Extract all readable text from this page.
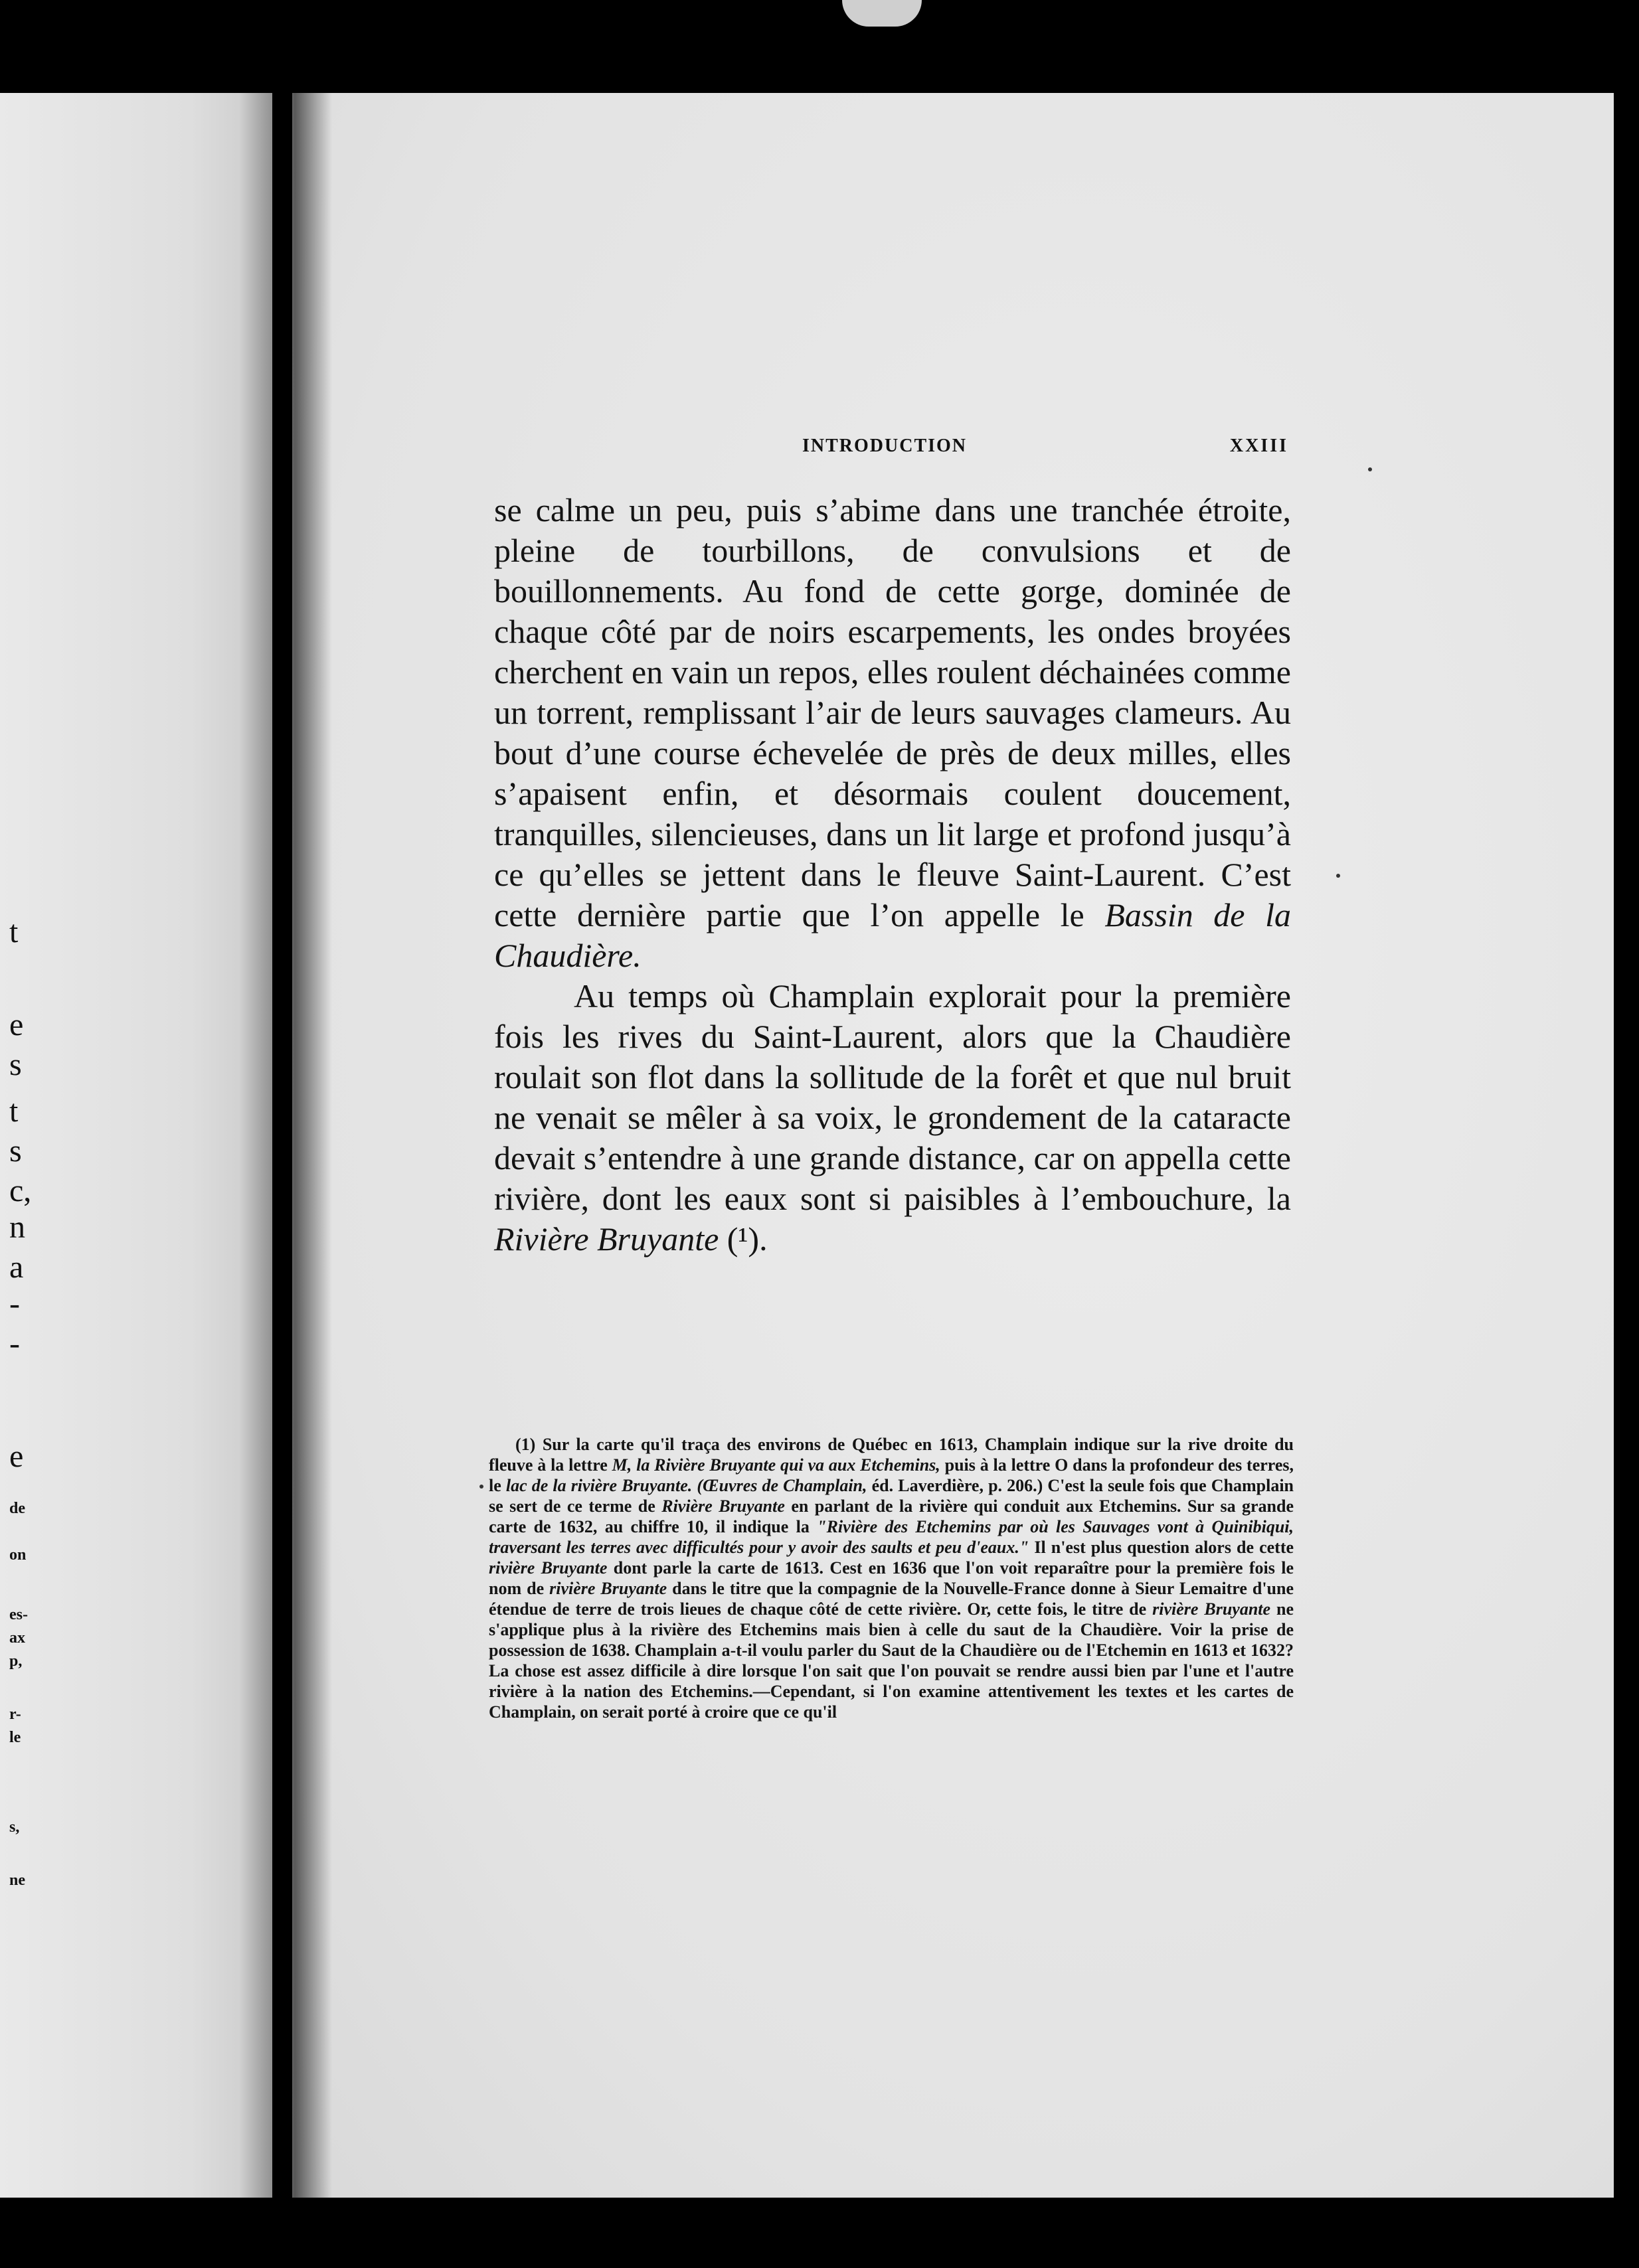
t
e
s
t
s
c,
n
a
-
-
e
de
on
es-
ax
p,
r-
le
s,
ne
INTRODUCTION	XXIII

se calme un peu, puis s’abime dans une tranchée étroite, pleine de tourbillons, de convulsions et de bouillonnements. Au fond de cette gorge, dominée de chaque côté par de noirs escarpements, les ondes broyées cherchent en vain un repos, elles roulent déchainées comme un torrent, remplissant l’air de leurs sauvages clameurs. Au bout d’une course échevelée de près de deux milles, elles s’apaisent enfin, et désormais coulent doucement, tranquilles, silencieuses, dans un lit large et profond jusqu’à ce qu’elles se jettent dans le fleuve Saint-Laurent. C’est cette dernière partie que l’on appelle le Bassin de la Chaudière.

Au temps où Champlain explorait pour la première fois les rives du Saint-Laurent, alors que la Chaudière roulait son flot dans la sollitude de la forêt et que nul bruit ne venait se mêler à sa voix, le grondement de la cataracte devait s’entendre à une grande distance, car on appella cette rivière, dont les eaux sont si paisibles à l’embouchure, la Rivière Bruyante (¹).

(1) Sur la carte qu'il traça des environs de Québec en 1613, Champlain indique sur la rive droite du fleuve à la lettre M, la Rivière Bruyante qui va aux Etchemins, puis à la lettre O dans la profondeur des terres, le lac de la rivière Bruyante. (Œuvres de Champlain, éd. Laverdière, p. 206.) C'est la seule fois que Champlain se sert de ce terme de Rivière Bruyante en parlant de la rivière qui conduit aux Etchemins. Sur sa grande carte de 1632, au chiffre 10, il indique la "Rivière des Etchemins par où les Sauvages vont à Quinibiqui, traversant les terres avec difficultés pour y avoir des saults et peu d'eaux." Il n'est plus question alors de cette rivière Bruyante dont parle la carte de 1613. Cest en 1636 que l'on voit reparaître pour la première fois le nom de rivière Bruyante dans le titre que la compagnie de la Nouvelle-France donne à Sieur Lemaitre d'une étendue de terre de trois lieues de chaque côté de cette rivière. Or, cette fois, le titre de rivière Bruyante ne s'applique plus à la rivière des Etchemins mais bien à celle du saut de la Chaudière. Voir la prise de possession de 1638. Champlain a-t-il voulu parler du Saut de la Chaudière ou de l'Etchemin en 1613 et 1632? La chose est assez difficile à dire lorsque l'on sait que l'on pouvait se rendre aussi bien par l'une et l'autre rivière à la nation des Etchemins.—Cependant, si l'on examine attentivement les textes et les cartes de Champlain, on serait porté à croire que ce qu'il
